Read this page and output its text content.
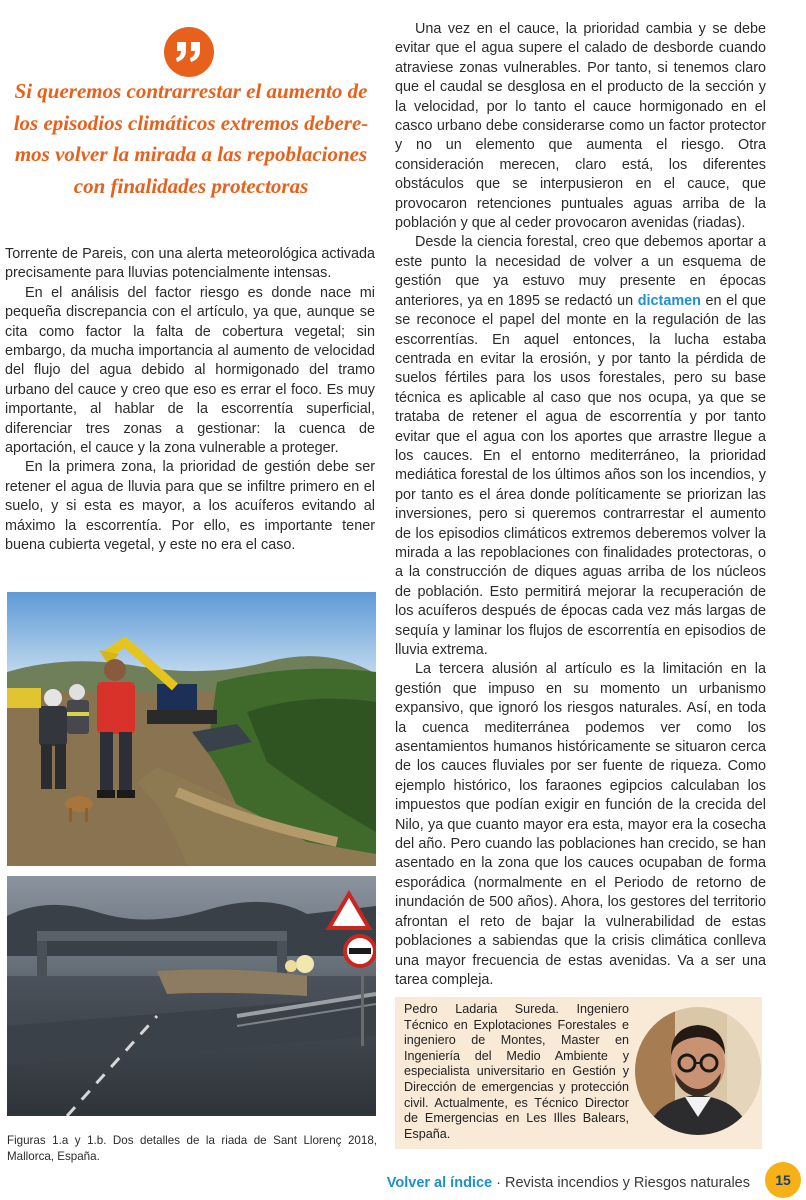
Si queremos contrarrestar el aumento de
los episodios climáticos extremos debere-
mos volver la mirada a las repoblaciones
con finalidades protectoras

Torrente de Pareis, con una alerta meteorológica activada precisamente para lluvias potencialmente intensas.

En el análisis del factor riesgo es donde nace mi pequeña discrepancia con el artículo, ya que, aunque se cita como factor la falta de cobertura vegetal; sin embargo, da mucha importancia al aumento de velocidad del flujo del agua debido al hormigonado del tramo urbano del cauce y creo que eso es errar el foco. Es muy importante, al hablar de la escorrentía superficial, diferenciar tres zonas a gestionar: la cuenca de aportación, el cauce y la zona vulnerable a proteger.

En la primera zona, la prioridad de gestión debe ser retener el agua de lluvia para que se infiltre primero en el suelo, y si esta es mayor, a los acuíferos evitando al máximo la escorrentía. Por ello, es importante tener buena cubierta vegetal, y este no era el caso.

Figuras 1.a y 1.b. Dos detalles de la riada de Sant Llorenç 2018, Mallorca, España.

Una vez en el cauce, la prioridad cambia y se debe evitar que el agua supere el calado de desborde cuando atraviese zonas vulnerables. Por tanto, si tenemos claro que el caudal se desglosa en el producto de la sección y la velocidad, por lo tanto el cauce hormigonado en el casco urbano debe considerarse como un factor protector y no un elemento que aumenta el riesgo. Otra consideración merecen, claro está, los diferentes obstáculos que se interpusieron en el cauce, que provocaron retenciones puntuales aguas arriba de la población y que al ceder provocaron avenidas (riadas).

Desde la ciencia forestal, creo que debemos aportar a este punto la necesidad de volver a un esquema de gestión que ya estuvo muy presente en épocas anteriores, ya en 1895 se redactó un dictamen en el que se reconoce el papel del monte en la regulación de las escorrentías. En aquel entonces, la lucha estaba centrada en evitar la erosión, y por tanto la pérdida de suelos fértiles para los usos forestales, pero su base técnica es aplicable al caso que nos ocupa, ya que se trataba de retener el agua de escorrentía y por tanto evitar que el agua con los aportes que arrastre llegue a los cauces. En el entorno mediterráneo, la prioridad mediática forestal de los últimos años son los incendios, y por tanto es el área donde políticamente se priorizan las inversiones, pero si queremos contrarrestar el aumento de los episodios climáticos extremos deberemos volver la mirada a las repoblaciones con finalidades protectoras, o a la construcción de diques aguas arriba de los núcleos de población. Esto permitirá mejorar la recuperación de los acuíferos después de épocas cada vez más largas de sequía y laminar los flujos de escorrentía en episodios de lluvia extrema.

La tercera alusión al artículo es la limitación en la gestión que impuso en su momento un urbanismo expansivo, que ignoró los riesgos naturales. Así, en toda la cuenca mediterránea podemos ver como los asentamientos humanos históricamente se situaron cerca de los cauces fluviales por ser fuente de riqueza. Como ejemplo histórico, los faraones egipcios calculaban los impuestos que podían exigir en función de la crecida del Nilo, ya que cuanto mayor era esta, mayor era la cosecha del año. Pero cuando las poblaciones han crecido, se han asentado en la zona que los cauces ocupaban de forma esporádica (normalmente en el Periodo de retorno de inundación de 500 años). Ahora, los gestores del territorio afrontan el reto de bajar la vulnerabilidad de estas poblaciones a sabiendas que la crisis climática conlleva una mayor frecuencia de estas avenidas. Va a ser una tarea compleja.

Pedro Ladaria Sureda. Ingeniero Técnico en Explotaciones Forestales e ingeniero de Montes, Master en Ingeniería del Medio Ambiente y especialista universitario en Gestión y Dirección de emergencias y protección civil. Actualmente, es Técnico Director de Emergencias en Les Illes Balears, España.
Volver al índice · Revista incendios y Riesgos naturales	15
